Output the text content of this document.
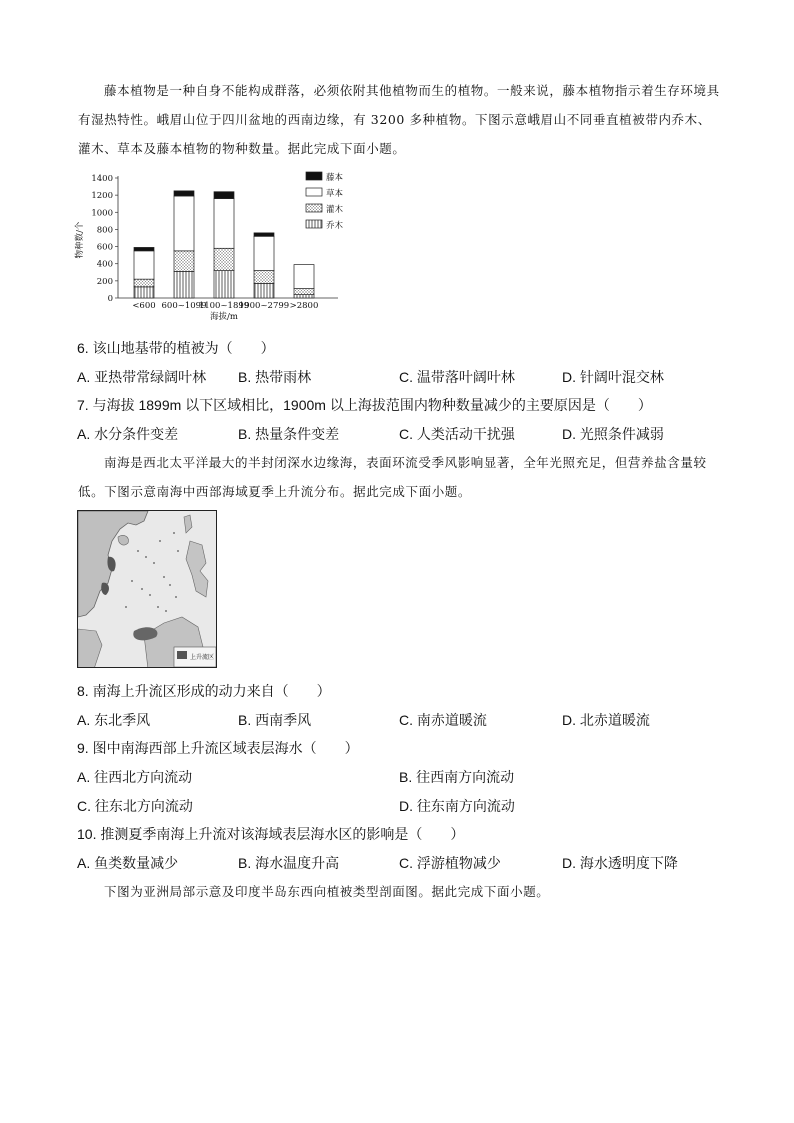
藤本植物是一种自身不能构成群落，必须依附其他植物而生的植物。一般来说，藤本植物指示着生存环境具有湿热特性。峨眉山位于四川盆地的西南边缘，有 3200 多种植物。下图示意峨眉山不同垂直植被带内乔木、灌木、草本及藤本植物的物种数量。据此完成下面小题。
0
200
400
600
800
1000
1200
1400
物种数/个
<600 600~1099
1100~1899
1900~2799 >2800
海拔/m
藤本
草本
灌木
乔木
6. 该山地基带的植被为（　　）
A. 亚热带常绿阔叶林 B. 热带雨林	C. 温带落叶阔叶林	D. 针阔叶混交林
7. 与海拔 1899m 以下区域相比，1900m 以上海拔范围内物种数量减少的主要原因是（　　）
A. 水分条件变差	B. 热量条件变差	C. 人类活动干扰强	D. 光照条件减弱
南海是西北太平洋最大的半封闭深水边缘海，表面环流受季风影响显著，全年光照充足，但营养盐含量较低。下图示意南海中西部海域夏季上升流分布。据此完成下面小题。
上升流区
8. 南海上升流区形成的动力来自（　　）
A. 东北季风	B. 西南季风	C. 南赤道暖流	D. 北赤道暖流
9. 图中南海西部上升流区域表层海水（　　）
A. 往西北方向流动	B. 往西南方向流动
C. 往东北方向流动	D. 往东南方向流动
10. 推测夏季南海上升流对该海域表层海水区的影响是（　　）
A. 鱼类数量减少	B. 海水温度升高	C. 浮游植物减少	D. 海水透明度下降
下图为亚洲局部示意及印度半岛东西向植被类型剖面图。据此完成下面小题。
